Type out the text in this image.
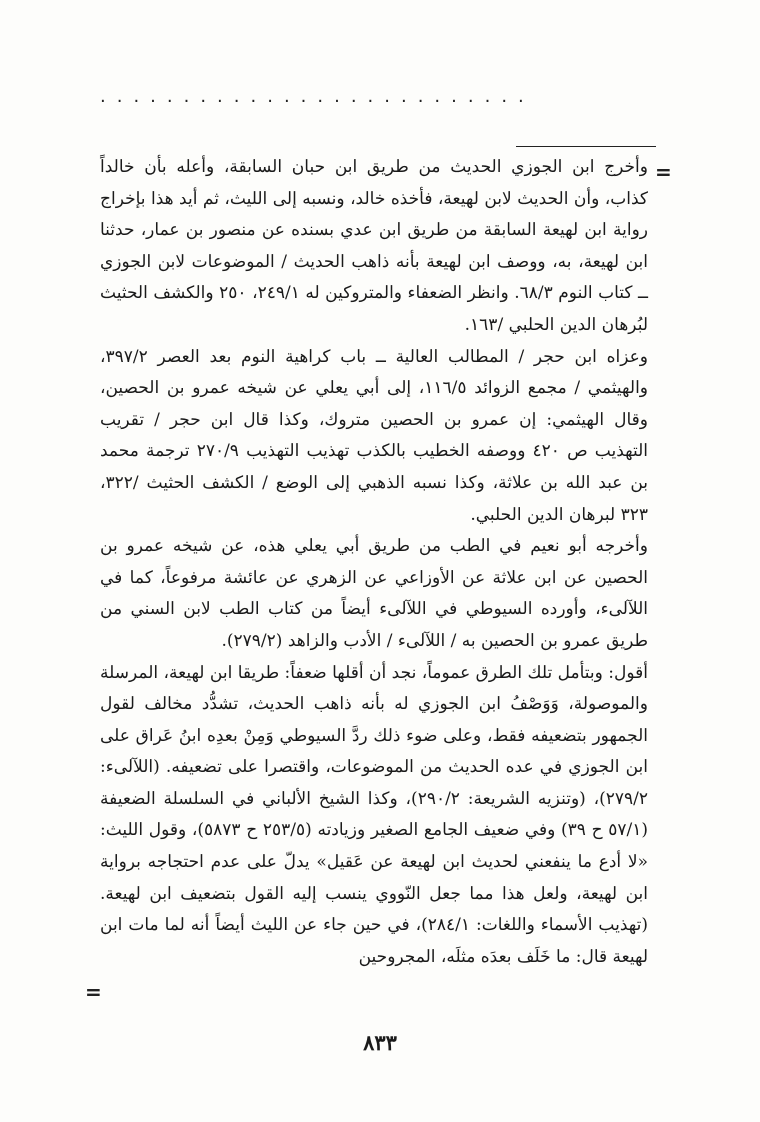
..........................
=

وأخرج ابن الجوزي الحديث من طريق ابن حبان السابقة، وأعله بأن خالداً كذاب، وأن الحديث لابن لهيعة، فأخذه خالد، ونسبه إلى الليث، ثم أيد هذا بإخراج رواية ابن لهيعة السابقة من طريق ابن عدي بسنده عن منصور بن عمار، حدثنا ابن لهيعة، به، ووصف ابن لهيعة بأنه ذاهب الحديث / الموضوعات لابن الجوزي ــ كتاب النوم ٦٨/٣. وانظر الضعفاء والمتروكين له ٢٤٩/١، ٢٥٠ والكشف الحثيث لبُرهان الدين الحلبي /١٦٣.

وعزاه ابن حجر / المطالب العالية ــ باب كراهية النوم بعد العصر ٣٩٧/٢، والهيثمي / مجمع الزوائد ١١٦/٥، إلى أبي يعلي عن شيخه عمرو بن الحصين، وقال الهيثمي: إن عمرو بن الحصين متروك، وكذا قال ابن حجر / تقريب التهذيب ص ٤٢٠ ووصفه الخطيب بالكذب تهذيب التهذيب ٢٧٠/٩ ترجمة محمد بن عبد الله بن علاثة، وكذا نسبه الذهبي إلى الوضع / الكشف الحثيث /٣٢٢، ٣٢٣ لبرهان الدين الحلبي.

وأخرجه أبو نعيم في الطب من طريق أبي يعلي هذه، عن شيخه عمرو بن الحصين عن ابن علاثة عن الأوزاعي عن الزهري عن عائشة مرفوعاً، كما في اللآلىء، وأورده السيوطي في اللآلىء أيضاً من كتاب الطب لابن السني من طريق عمرو بن الحصين به / اللآلىء / الأدب والزاهد (٢٧٩/٢).

أقول: وبتأمل تلك الطرق عموماً، نجد أن أقلها ضعفاً: طريقا ابن لهيعة، المرسلة والموصولة، وَوَصْفُ ابن الجوزي له بأنه ذاهب الحديث، تشدُّد مخالف لقول الجمهور بتضعيفه فقط، وعلى ضوء ذلك ردَّ السيوطي وَمِنْ بعدِه ابنُ عَراق على ابن الجوزي في عده الحديث من الموضوعات، واقتصرا على تضعيفه. (اللآلىء: ٢٧٩/٢)، (وتنزيه الشريعة: ٢٩٠/٢)، وكذا الشيخ الألباني في السلسلة الضعيفة (٥٧/١ ح ٣٩) وفي ضعيف الجامع الصغير وزيادته (٢٥٣/٥ ح ٥٨٧٣)، وقول الليث: «لا أدع ما ينفعني لحديث ابن لهيعة عن عَقيل» يدلّ على عدم احتجاجه برواية ابن لهيعة، ولعل هذا مما جعل النّووي ينسب إليه القول بتضعيف ابن لهيعة. (تهذيب الأسماء واللغات: ٢٨٤/١)، في حين جاء عن الليث أيضاً أنه لما مات ابن لهيعة قال: ما خَلَف بعدَه مثلَه، المجروحين

=
٨٣٣
